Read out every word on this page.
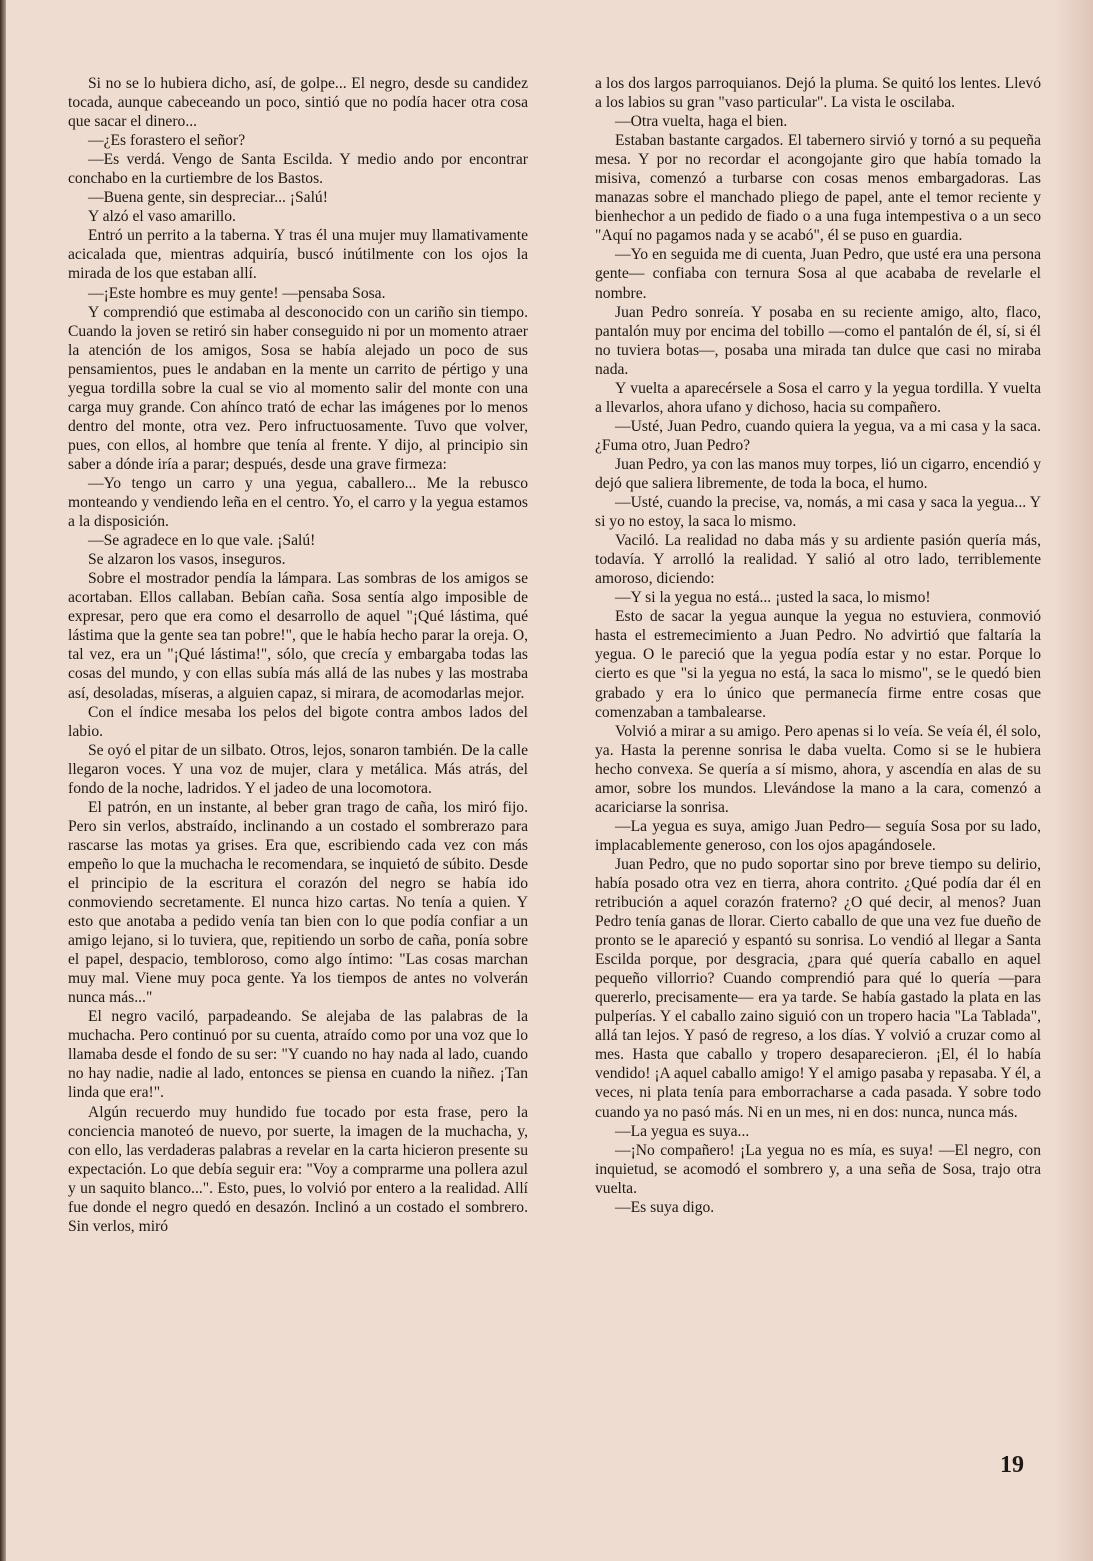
Si no se lo hubiera dicho, así, de golpe... El negro, desde su candidez tocada, aunque cabeceando un poco, sintió que no podía hacer otra cosa que sacar el dinero...

—¿Es forastero el señor?

—Es verdá. Vengo de Santa Escilda. Y medio ando por encontrar conchabo en la curtiembre de los Bastos.

—Buena gente, sin despreciar... ¡Salú!

Y alzó el vaso amarillo.

Entró un perrito a la taberna. Y tras él una mujer muy llamativamente acicalada que, mientras adquiría, buscó inútilmente con los ojos la mirada de los que estaban allí.

—¡Este hombre es muy gente! —pensaba Sosa.

Y comprendió que estimaba al desconocido con un cariño sin tiempo. Cuando la joven se retiró sin haber conseguido ni por un momento atraer la atención de los amigos, Sosa se había alejado un poco de sus pensamientos, pues le andaban en la mente un carrito de pértigo y una yegua tordilla sobre la cual se vio al momento salir del monte con una carga muy grande. Con ahínco trató de echar las imágenes por lo menos dentro del monte, otra vez. Pero infructuosamente. Tuvo que volver, pues, con ellos, al hombre que tenía al frente. Y dijo, al principio sin saber a dónde iría a parar; después, desde una grave firmeza:

—Yo tengo un carro y una yegua, caballero... Me la rebusco monteando y vendiendo leña en el centro. Yo, el carro y la yegua estamos a la disposición.

—Se agradece en lo que vale. ¡Salú!

Se alzaron los vasos, inseguros.

Sobre el mostrador pendía la lámpara. Las sombras de los amigos se acortaban. Ellos callaban. Bebían caña. Sosa sentía algo imposible de expresar, pero que era como el desarrollo de aquel "¡Qué lástima, qué lástima que la gente sea tan pobre!", que le había hecho parar la oreja. O, tal vez, era un "¡Qué lástima!", sólo, que crecía y embargaba todas las cosas del mundo, y con ellas subía más allá de las nubes y las mostraba así, desoladas, míseras, a alguien capaz, si mirara, de acomodarlas mejor.

Con el índice mesaba los pelos del bigote contra ambos lados del labio.

Se oyó el pitar de un silbato. Otros, lejos, sonaron también. De la calle llegaron voces. Y una voz de mujer, clara y metálica. Más atrás, del fondo de la noche, ladridos. Y el jadeo de una locomotora.

El patrón, en un instante, al beber gran trago de caña, los miró fijo. Pero sin verlos, abstraído, inclinando a un costado el sombrerazo para rascarse las motas ya grises. Era que, escribiendo cada vez con más empeño lo que la muchacha le recomendara, se inquietó de súbito. Desde el principio de la escritura el corazón del negro se había ido conmoviendo secretamente. El nunca hizo cartas. No tenía a quien. Y esto que anotaba a pedido venía tan bien con lo que podía confiar a un amigo lejano, si lo tuviera, que, repitiendo un sorbo de caña, ponía sobre el papel, despacio, tembloroso, como algo íntimo: "Las cosas marchan muy mal. Viene muy poca gente. Ya los tiempos de antes no volverán nunca más..."

El negro vaciló, parpadeando. Se alejaba de las palabras de la muchacha. Pero continuó por su cuenta, atraído como por una voz que lo llamaba desde el fondo de su ser: "Y cuando no hay nada al lado, cuando no hay nadie, nadie al lado, entonces se piensa en cuando la niñez. ¡Tan linda que era!".

Algún recuerdo muy hundido fue tocado por esta frase, pero la conciencia manoteó de nuevo, por suerte, la imagen de la muchacha, y, con ello, las verdaderas palabras a revelar en la carta hicieron presente su expectación. Lo que debía seguir era: "Voy a comprarme una pollera azul y un saquito blanco...". Esto, pues, lo volvió por entero a la realidad. Allí fue donde el negro quedó en desazón. Inclinó a un costado el sombrero. Sin verlos, miró

a los dos largos parroquianos. Dejó la pluma. Se quitó los lentes. Llevó a los labios su gran "vaso particular". La vista le oscilaba.

—Otra vuelta, haga el bien.

Estaban bastante cargados. El tabernero sirvió y tornó a su pequeña mesa. Y por no recordar el acongojante giro que había tomado la misiva, comenzó a turbarse con cosas menos embargadoras. Las manazas sobre el manchado pliego de papel, ante el temor reciente y bienhechor a un pedido de fiado o a una fuga intempestiva o a un seco "Aquí no pagamos nada y se acabó", él se puso en guardia.

—Yo en seguida me di cuenta, Juan Pedro, que usté era una persona gente— confiaba con ternura Sosa al que acababa de revelarle el nombre.

Juan Pedro sonreía. Y posaba en su reciente amigo, alto, flaco, pantalón muy por encima del tobillo —como el pantalón de él, sí, si él no tuviera botas—, posaba una mirada tan dulce que casi no miraba nada.

Y vuelta a aparecérsele a Sosa el carro y la yegua tordilla. Y vuelta a llevarlos, ahora ufano y dichoso, hacia su compañero.

—Usté, Juan Pedro, cuando quiera la yegua, va a mi casa y la saca. ¿Fuma otro, Juan Pedro?

Juan Pedro, ya con las manos muy torpes, lió un cigarro, encendió y dejó que saliera libremente, de toda la boca, el humo.

—Usté, cuando la precise, va, nomás, a mi casa y saca la yegua... Y si yo no estoy, la saca lo mismo.

Vaciló. La realidad no daba más y su ardiente pasión quería más, todavía. Y arrolló la realidad. Y salió al otro lado, terriblemente amoroso, diciendo:

—Y si la yegua no está... ¡usted la saca, lo mismo!

Esto de sacar la yegua aunque la yegua no estuviera, conmovió hasta el estremecimiento a Juan Pedro. No advirtió que faltaría la yegua. O le pareció que la yegua podía estar y no estar. Porque lo cierto es que "si la yegua no está, la saca lo mismo", se le quedó bien grabado y era lo único que permanecía firme entre cosas que comenzaban a tambalearse.

Volvió a mirar a su amigo. Pero apenas si lo veía. Se veía él, él solo, ya. Hasta la perenne sonrisa le daba vuelta. Como si se le hubiera hecho convexa. Se quería a sí mismo, ahora, y ascendía en alas de su amor, sobre los mundos. Llevándose la mano a la cara, comenzó a acariciarse la sonrisa.

—La yegua es suya, amigo Juan Pedro— seguía Sosa por su lado, implacablemente generoso, con los ojos apagándosele.

Juan Pedro, que no pudo soportar sino por breve tiempo su delirio, había posado otra vez en tierra, ahora contrito. ¿Qué podía dar él en retribución a aquel corazón fraterno? ¿O qué decir, al menos? Juan Pedro tenía ganas de llorar. Cierto caballo de que una vez fue dueño de pronto se le apareció y espantó su sonrisa. Lo vendió al llegar a Santa Escilda porque, por desgracia, ¿para qué quería caballo en aquel pequeño villorrio? Cuando comprendió para qué lo quería —para quererlo, precisamente— era ya tarde. Se había gastado la plata en las pulperías. Y el caballo zaino siguió con un tropero hacia "La Tablada", allá tan lejos. Y pasó de regreso, a los días. Y volvió a cruzar como al mes. Hasta que caballo y tropero desaparecieron. ¡El, él lo había vendido! ¡A aquel caballo amigo! Y el amigo pasaba y repasaba. Y él, a veces, ni plata tenía para emborracharse a cada pasada. Y sobre todo cuando ya no pasó más. Ni en un mes, ni en dos: nunca, nunca más.

—La yegua es suya...

—¡No compañero! ¡La yegua no es mía, es suya! —El negro, con inquietud, se acomodó el sombrero y, a una seña de Sosa, trajo otra vuelta.

—Es suya digo.

19
